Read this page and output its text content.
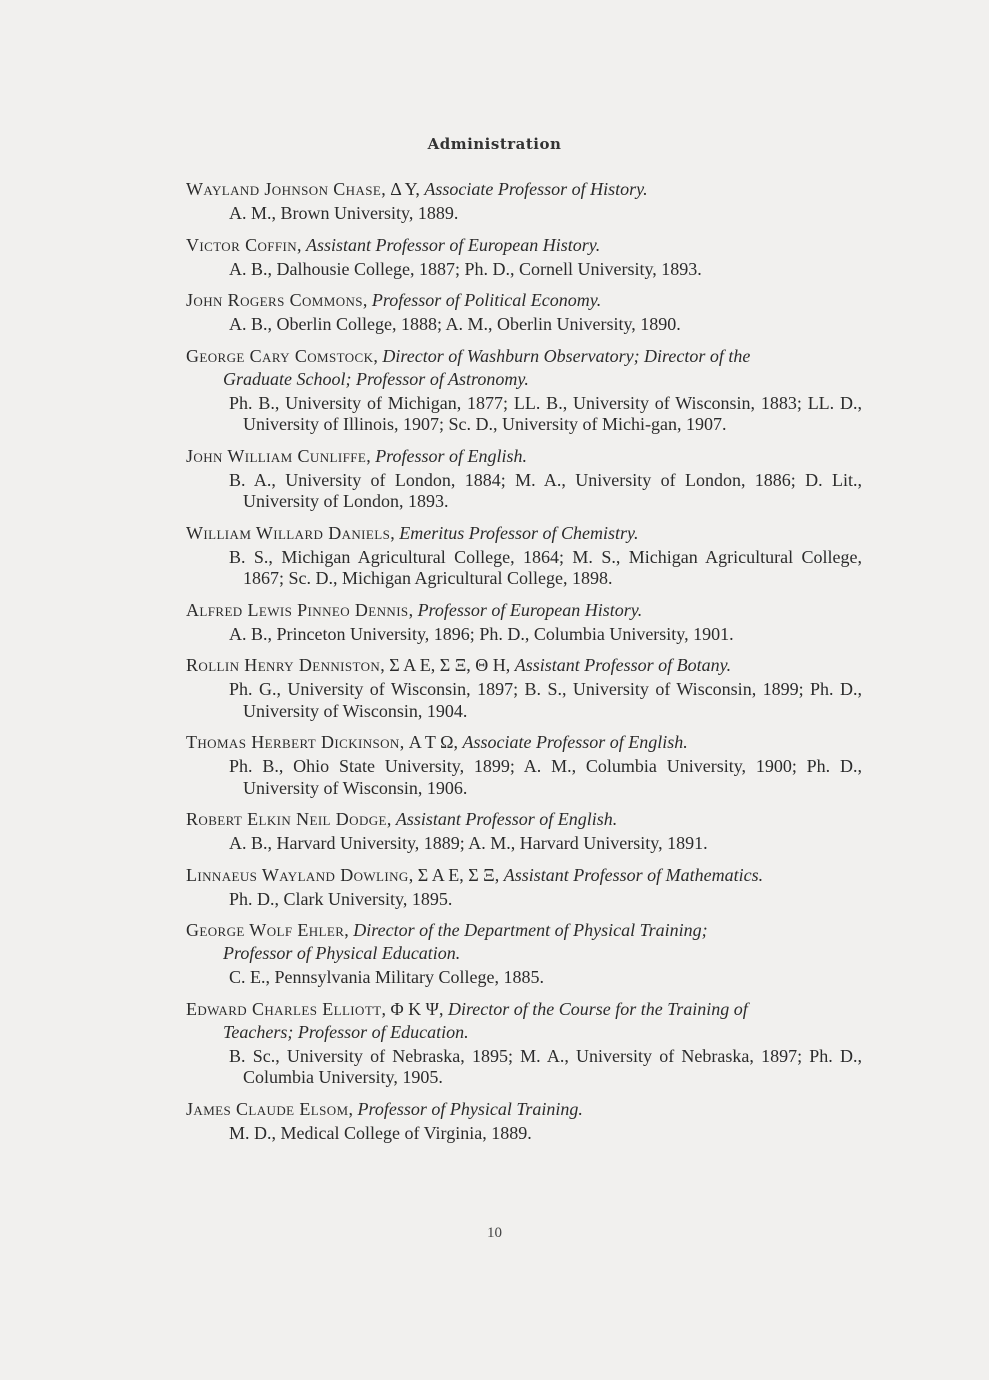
Administration
Wayland Johnson Chase, Δ Υ, Associate Professor of History.
A. M., Brown University, 1889.
Victor Coffin, Assistant Professor of European History.
A. B., Dalhousie College, 1887; Ph. D., Cornell University, 1893.
John Rogers Commons, Professor of Political Economy.
A. B., Oberlin College, 1888; A. M., Oberlin University, 1890.
George Cary Comstock, Director of Washburn Observatory; Director of the
Graduate School; Professor of Astronomy.
Ph. B., University of Michigan, 1877; LL. B., University of Wisconsin, 1883; LL. D., University of Illinois, 1907; Sc. D., University of Michi-gan, 1907.
John William Cunliffe, Professor of English.
B. A., University of London, 1884; M. A., University of London, 1886; D. Lit., University of London, 1893.
William Willard Daniels, Emeritus Professor of Chemistry.
B. S., Michigan Agricultural College, 1864; M. S., Michigan Agricultural College, 1867; Sc. D., Michigan Agricultural College, 1898.
Alfred Lewis Pinneo Dennis, Professor of European History.
A. B., Princeton University, 1896; Ph. D., Columbia University, 1901.
Rollin Henry Denniston, Σ Α Ε, Σ Ξ, Θ Η, Assistant Professor of Botany.
Ph. G., University of Wisconsin, 1897; B. S., University of Wisconsin, 1899; Ph. D., University of Wisconsin, 1904.
Thomas Herbert Dickinson, Α Τ Ω, Associate Professor of English.
Ph. B., Ohio State University, 1899; A. M., Columbia University, 1900; Ph. D., University of Wisconsin, 1906.
Robert Elkin Neil Dodge, Assistant Professor of English.
A. B., Harvard University, 1889; A. M., Harvard University, 1891.
Linnaeus Wayland Dowling, Σ Α Ε, Σ Ξ, Assistant Professor of Mathematics.
Ph. D., Clark University, 1895.
George Wolf Ehler, Director of the Department of Physical Training;
Professor of Physical Education.
C. E., Pennsylvania Military College, 1885.
Edward Charles Elliott, Φ Κ Ψ, Director of the Course for the Training of
Teachers; Professor of Education.
B. Sc., University of Nebraska, 1895; M. A., University of Nebraska, 1897; Ph. D., Columbia University, 1905.
James Claude Elsom, Professor of Physical Training.
M. D., Medical College of Virginia, 1889.
10
